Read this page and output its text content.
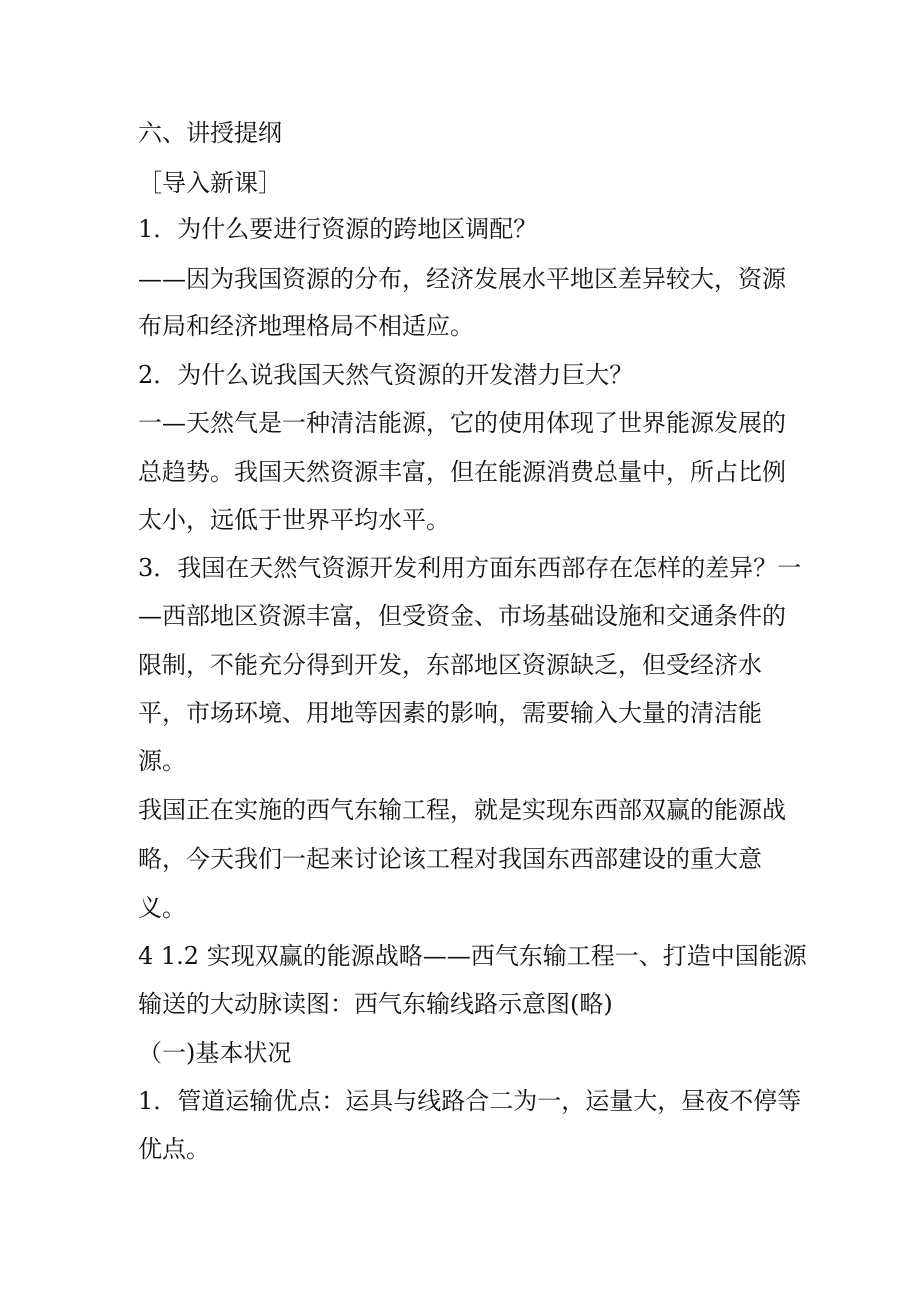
六、讲授提纲
［导入新课］
1．为什么要进行资源的跨地区调配？
——因为我国资源的分布，经济发展水平地区差异较大，资源
布局和经济地理格局不相适应。
2．为什么说我国天然气资源的开发潜力巨大？
一—天然气是一种清洁能源，它的使用体现了世界能源发展的
总趋势。我国天然资源丰富，但在能源消费总量中，所占比例
太小，远低于世界平均水平。
3．我国在天然气资源开发利用方面东西部存在怎样的差异？一
—西部地区资源丰富，但受资金、市场基础设施和交通条件的
限制，不能充分得到开发，东部地区资源缺乏，但受经济水
平，市场环境、用地等因素的影响，需要输入大量的清洁能
源。
我国正在实施的西气东输工程，就是实现东西部双赢的能源战
略，今天我们一起来讨论该工程对我国东西部建设的重大意
义。
4 1.2 实现双赢的能源战略——西气东输工程一、打造中国能源
输送的大动脉读图：西气东输线路示意图(略)
（一)基本状况
1．管道运输优点：运具与线路合二为一，运量大，昼夜不停等
优点。
